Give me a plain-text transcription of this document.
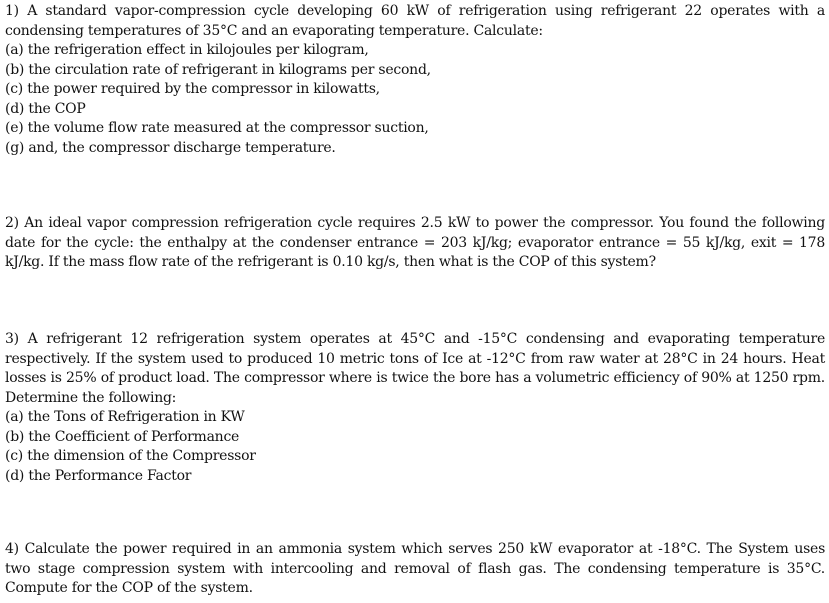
1) A standard vapor-compression cycle developing 60 kW of refrigeration using refrigerant 22 operates with a condensing temperatures of 35°C and an evaporating temperature. Calculate:

(a) the refrigeration effect in kilojoules per kilogram,

(b) the circulation rate of refrigerant in kilograms per second,

(c) the power required by the compressor in kilowatts,

(d) the COP

(e) the volume flow rate measured at the compressor suction,

(g) and, the compressor discharge temperature.

2) An ideal vapor compression refrigeration cycle requires 2.5 kW to power the compressor. You found the following date for the cycle: the enthalpy at the condenser entrance = 203 kJ/kg; evaporator entrance = 55 kJ/kg, exit = 178 kJ/kg. If the mass flow rate of the refrigerant is 0.10 kg/s, then what is the COP of this system?

3) A refrigerant 12 refrigeration system operates at 45°C and -15°C condensing and evaporating temperature respectively. If the system used to produced 10 metric tons of Ice at -12°C from raw water at 28°C in 24 hours. Heat losses is 25% of product load. The compressor where is twice the bore has a volumetric efficiency of 90% at 1250 rpm. Determine the following:

(a) the Tons of Refrigeration in KW

(b) the Coefficient of Performance

(c) the dimension of the Compressor

(d) the Performance Factor

4) Calculate the power required in an ammonia system which serves 250 kW evaporator at -18°C. The System uses two stage compression system with intercooling and removal of flash gas. The condensing temperature is 35°C. Compute for the COP of the system.
